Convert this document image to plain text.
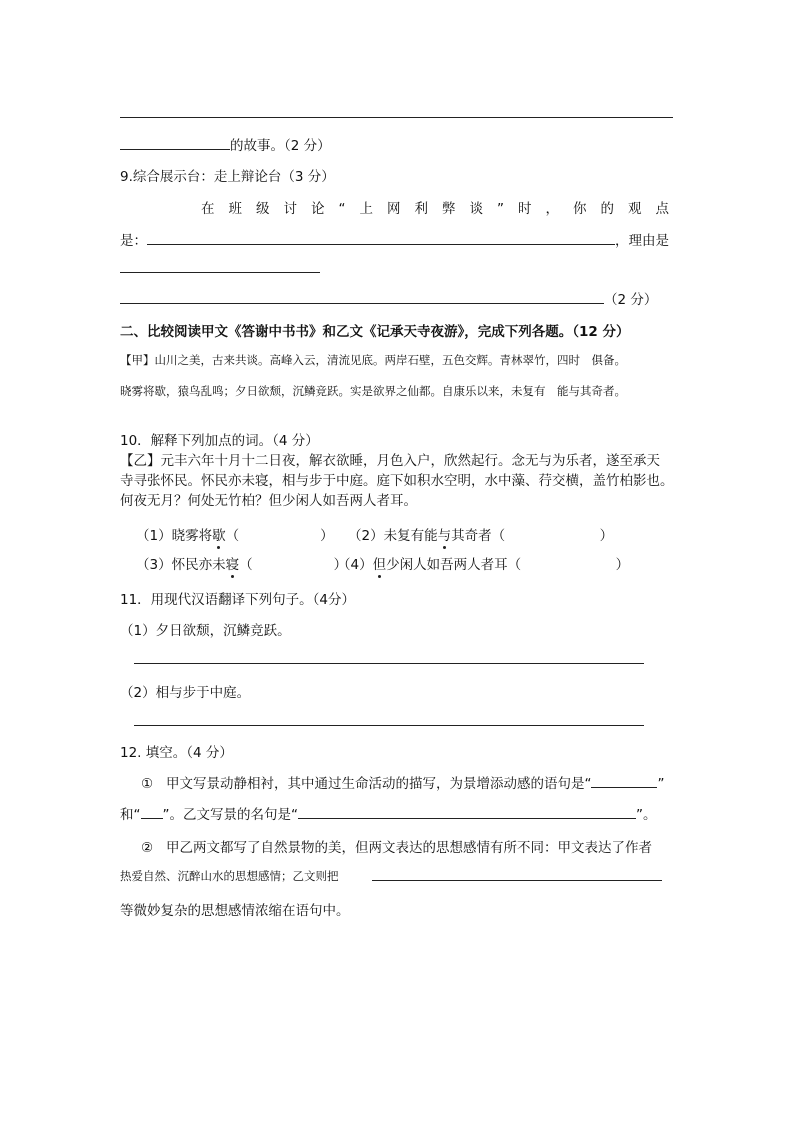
的故事。（2 分）
9.综合展示台：走上辩论台（3 分）
在班级讨论“上网利弊谈”时，你的观点
是：	，理由是
（2 分）
二、比较阅读甲文《答谢中书书》和乙文《记承天寺夜游》，完成下列各题。（12 分）
【甲】山川之美，古来共谈。高峰入云，清流见底。两岸石壁，五色交辉。青林翠竹，四时　俱备。
晓雾将歇，猿鸟乱鸣；夕日欲颓，沉鳞竞跃。实是欲界之仙都。自康乐以来，未复有　能与其奇者。
10．解释下列加点的词。（4 分）
【乙】元丰六年十月十二日夜，解衣欲睡，月色入户，欣然起行。念无与为乐者，遂至承天
寺寻张怀民。怀民亦未寝，相与步于中庭。庭下如积水空明，水中藻、荇交横，盖竹柏影也。
何夜无月？何处无竹柏？但少闲人如吾两人者耳。
（1）晓雾将歇（　　　　　　） （2）未复有能与其奇者（　　　　　　　）
（3）怀民亦未寝（　　　　　　）
（4）但少闲人如吾两人者耳（　　　　　　　）
11．用现代汉语翻译下列句子。（4分）
（1）夕日欲颓，沉鳞竞跃。
（2）相与步于中庭。
12. 填空。（4 分）
① 甲文写景动静相衬，其中通过生命活动的描写，为景增添动感的语句是“	”
和“ ”。乙文写景的名句是“	”。
② 甲乙两文都写了自然景物的美，但两文表达的思想感情有所不同：甲文表达了作者
热爱自然、沉醉山水的思想感情；乙文则把
等微妙复杂的思想感情浓缩在语句中。
